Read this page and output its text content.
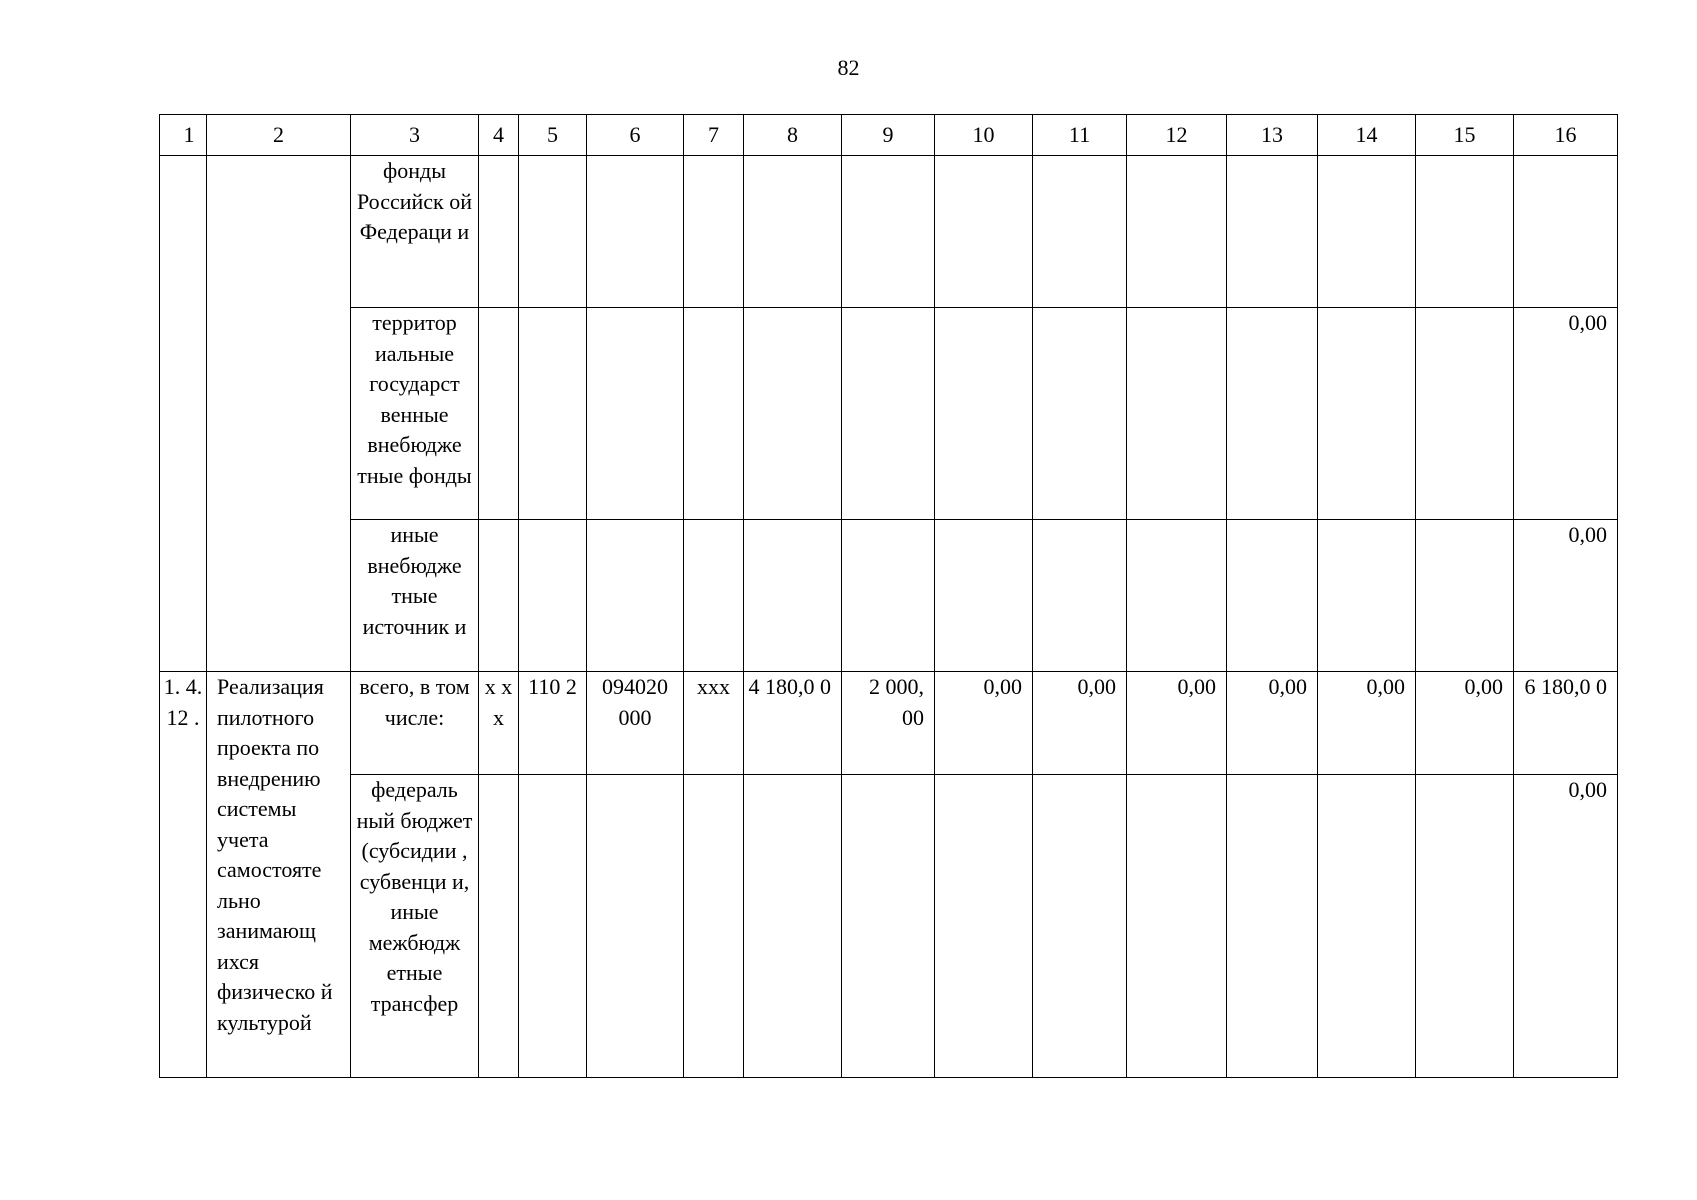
82
1	2	3	4	5	6	7	8	9	10	11	12	13	14	15	16
		фонды Российск ой Федераци и													
		территор иальные государст венные внебюдже тные фонды													0,00
		иные внебюдже тные источник и													0,00
1. 4. 12 .	Реализация пилотного проекта по внедрению системы учета самостояте льно занимающ ихся физическо й культурой	всего, в том числе:	х х х	110 2	094020 000	ххх	4 180,0 0	2 000, 00	0,00	0,00	0,00	0,00	0,00	0,00	6 180,0 0
		федераль ный бюджет (субсидии , субвенци и, иные межбюдж етные трансфер													0,00
